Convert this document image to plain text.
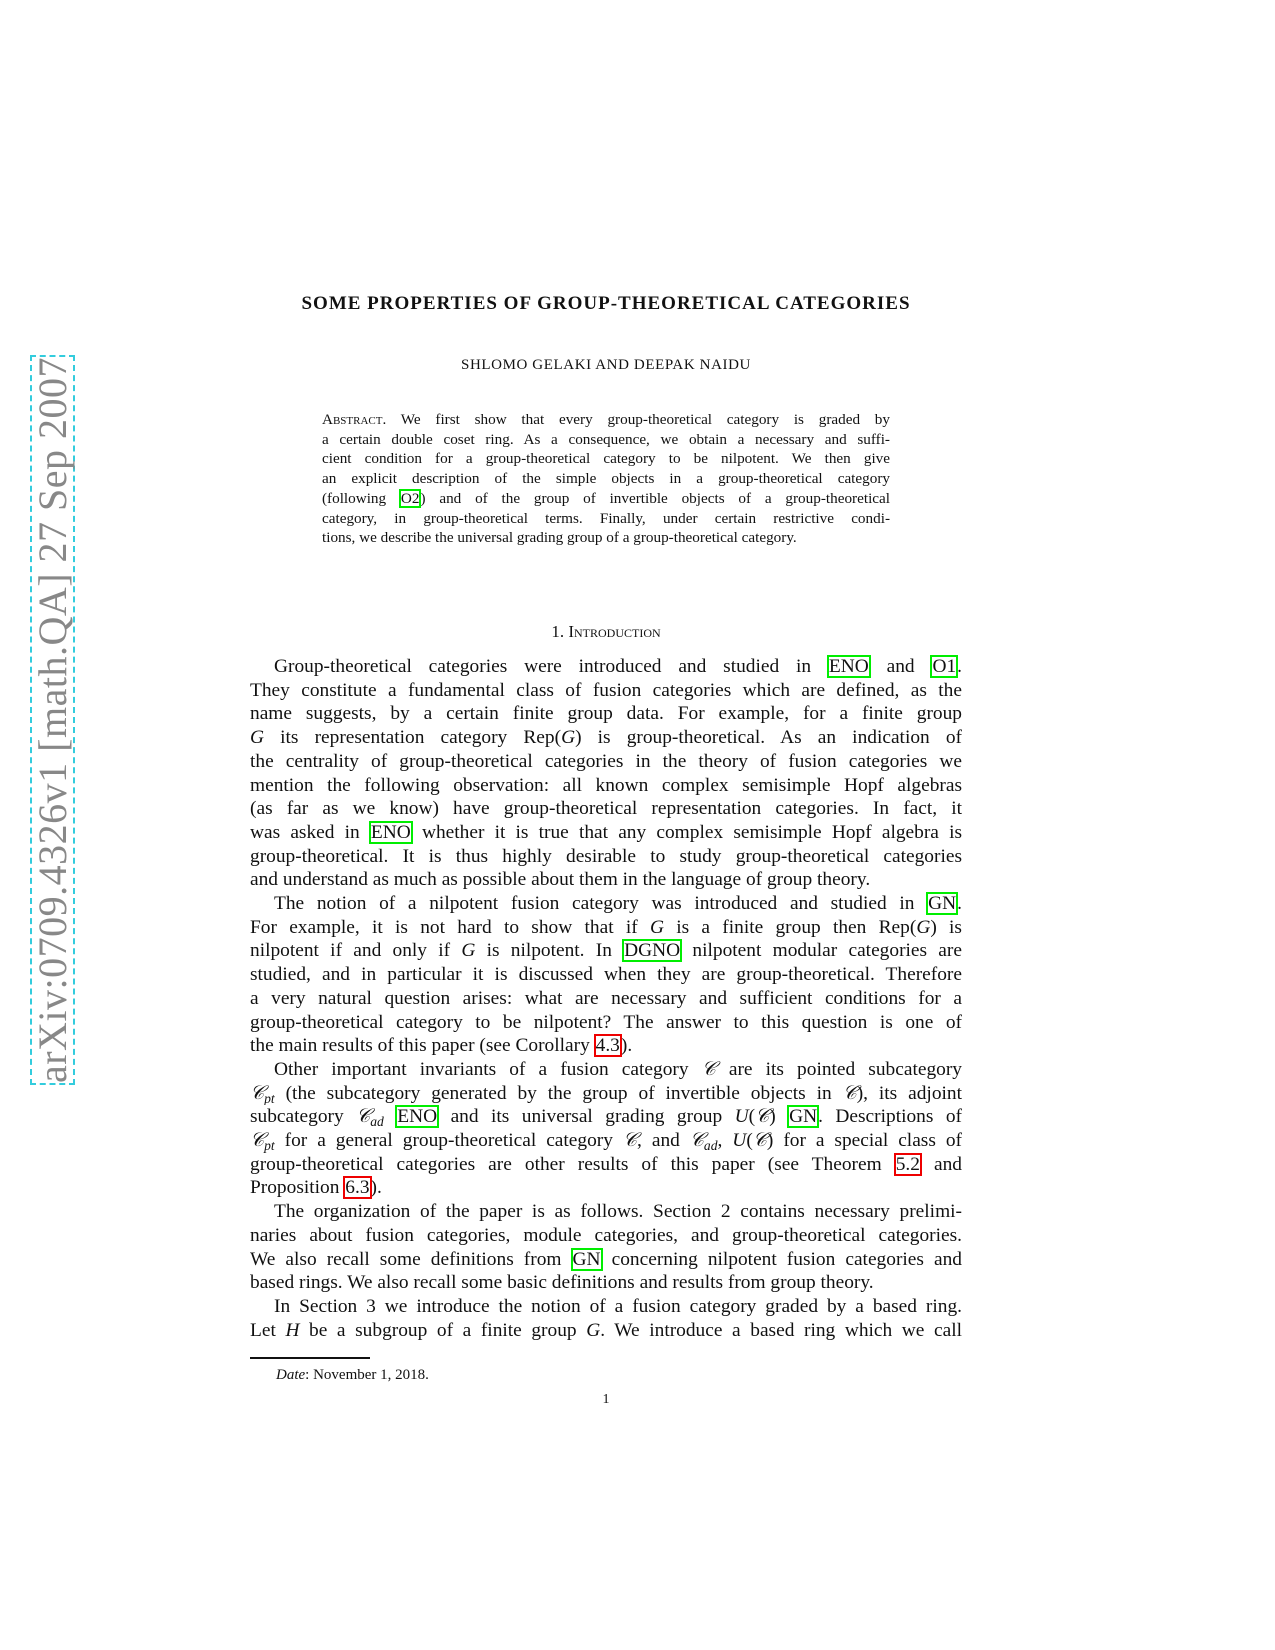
arXiv:0709.4326v1 [math.QA] 27 Sep 2007
SOME PROPERTIES OF GROUP-THEORETICAL CATEGORIES
SHLOMO GELAKI AND DEEPAK NAIDU
Abstract. We first show that every group-theoretical category is graded by
a certain double coset ring. As a consequence, we obtain a necessary and suffi-
cient condition for a group-theoretical category to be nilpotent. We then give
an explicit description of the simple objects in a group-theoretical category
(following O2) and of the group of invertible objects of a group-theoretical
category, in group-theoretical terms. Finally, under certain restrictive condi-
tions, we describe the universal grading group of a group-theoretical category.
1. Introduction
Group-theoretical categories were introduced and studied in ENO and O1.
They constitute a fundamental class of fusion categories which are defined, as the
name suggests, by a certain finite group data. For example, for a finite group
G its representation category Rep(G) is group-theoretical. As an indication of
the centrality of group-theoretical categories in the theory of fusion categories we
mention the following observation: all known complex semisimple Hopf algebras
(as far as we know) have group-theoretical representation categories. In fact, it
was asked in ENO whether it is true that any complex semisimple Hopf algebra is
group-theoretical. It is thus highly desirable to study group-theoretical categories
and understand as much as possible about them in the language of group theory.
The notion of a nilpotent fusion category was introduced and studied in GN.
For example, it is not hard to show that if G is a finite group then Rep(G) is
nilpotent if and only if G is nilpotent. In DGNO nilpotent modular categories are
studied, and in particular it is discussed when they are group-theoretical. Therefore
a very natural question arises: what are necessary and sufficient conditions for a
group-theoretical category to be nilpotent? The answer to this question is one of
the main results of this paper (see Corollary 4.3).
Other important invariants of a fusion category 𝒞 are its pointed subcategory
𝒞$_{pt}$ (the subcategory generated by the group of invertible objects in 𝒞), its adjoint
subcategory 𝒞$_{ad}$ ENO and its universal grading group U(𝒞) GN. Descriptions of
𝒞$_{pt}$ for a general group-theoretical category 𝒞, and 𝒞$_{ad}$, U(𝒞) for a special class of
group-theoretical categories are other results of this paper (see Theorem 5.2 and
Proposition 6.3).
The organization of the paper is as follows. Section 2 contains necessary prelimi-
naries about fusion categories, module categories, and group-theoretical categories.
We also recall some definitions from GN concerning nilpotent fusion categories and
based rings. We also recall some basic definitions and results from group theory.
In Section 3 we introduce the notion of a fusion category graded by a based ring.
Let H be a subgroup of a finite group G. We introduce a based ring which we call
Date: November 1, 2018.
1
